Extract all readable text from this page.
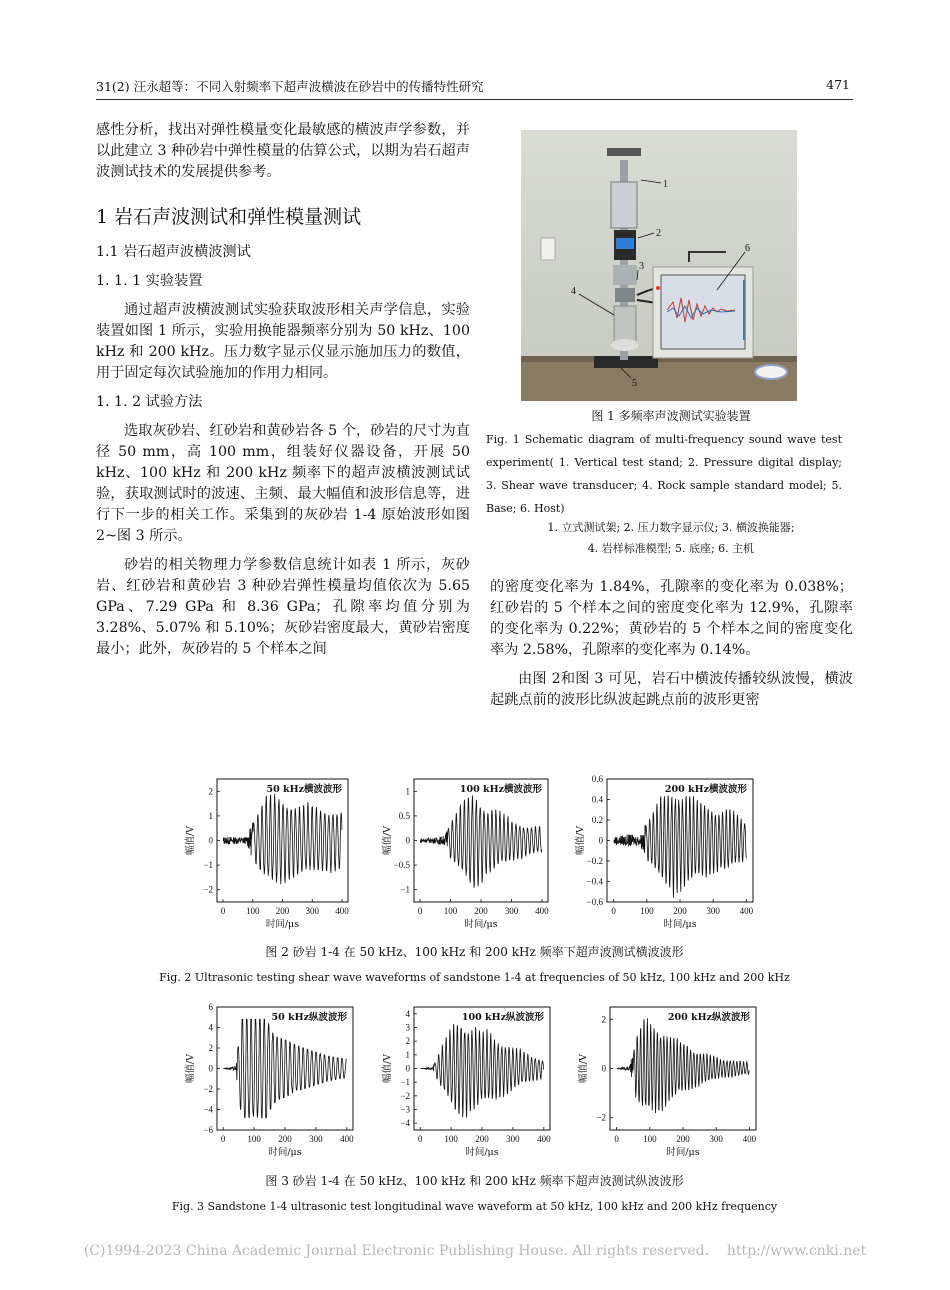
31(2) 汪永超等：不同入射频率下超声波横波在砂岩中的传播特性研究	471

感性分析，找出对弹性模量变化最敏感的横波声学参数，并以此建立 3 种砂岩中弹性模量的估算公式，以期为岩石超声波测试技术的发展提供参考。

1 岩石声波测试和弹性模量测试
1.1 岩石超声波横波测试
1. 1. 1 实验装置

通过超声波横波测试实验获取波形相关声学信息，实验装置如图 1 所示，实验用换能器频率分别为 50 kHz、100 kHz 和 200 kHz。压力数字显示仪显示施加压力的数值，用于固定每次试验施加的作用力相同。

1. 1. 2 试验方法

选取灰砂岩、红砂岩和黄砂岩各 5 个，砂岩的尺寸为直径 50 mm，高 100 mm，组装好仪器设备，开展 50 kHz、100 kHz 和 200 kHz 频率下的超声波横波测试试验，获取测试时的波速、主频、最大幅值和波形信息等，进行下一步的相关工作。采集到的灰砂岩 1-4 原始波形如图 2~图 3 所示。

砂岩的相关物理力学参数信息统计如表 1 所示，灰砂岩、红砂岩和黄砂岩 3 种砂岩弹性模量均值依次为 5.65 GPa、7.29 GPa 和 8.36 GPa；孔隙率均值分别为 3.28%、5.07% 和 5.10%；灰砂岩密度最大，黄砂岩密度最小；此外，灰砂岩的 5 个样本之间

1
2
3
4
5
6
图 1 多频率声波测试实验装置
Fig. 1 Schematic diagram of multi-frequency sound wave test experiment( 1. Vertical test stand; 2. Pressure digital display; 3. Shear wave transducer; 4. Rock sample standard model; 5. Base; 6. Host)
1. 立式测试架; 2. 压力数字显示仪; 3. 横波换能器;
4. 岩样标准模型; 5. 底座; 6. 主机

的密度变化率为 1.84%，孔隙率的变化率为 0.038%；红砂岩的 5 个样本之间的密度变化率为 12.9%，孔隙率的变化率为 0.22%；黄砂岩的 5 个样本之间的密度变化率为 2.58%，孔隙率的变化率为 0.14%。

由图 2和图 3 可见，岩石中横波传播较纵波慢，横波起跳点前的波形比纵波起跳点前的波形更密

−2
−1
0
1
2
0 100 200 300 400
时间/μs
幅值/V
50 kHz横波波形
−1
−0.5
0
0.5
1
0 100 200 300 400
时间/μs
幅值/V
100 kHz横波波形
−0.6
−0.4
−0.2
0
0.2
0.4
0.6
0	100 200 300 400
时间/μs
幅值/V
200 kHz横波波形
图 2 砂岩 1-4 在 50 kHz、100 kHz 和 200 kHz 频率下超声波测试横波波形
Fig. 2 Ultrasonic testing shear wave waveforms of sandstone 1-4 at frequencies of 50 kHz, 100 kHz and 200 kHz
−6
−4
−2
0
2
4
6
0 100 200 300 400
时间/μs
幅值/V
50 kHz纵波波形
−4
−3
−2
−1
0
1
2
3
4
0 100 200 300 400
时间/μs
幅值/V
100 kHz纵波波形
−2
0
2
0	100 200 300 400
时间/μs
幅值/V
200 kHz纵波波形
图 3 砂岩 1-4 在 50 kHz、100 kHz 和 200 kHz 频率下超声波测试纵波波形
Fig. 3 Sandstone 1-4 ultrasonic test longitudinal wave waveform at 50 kHz, 100 kHz and 200 kHz frequency
(C)1994-2023 China Academic Journal Electronic Publishing House. All rights reserved.    http://www.cnki.net
